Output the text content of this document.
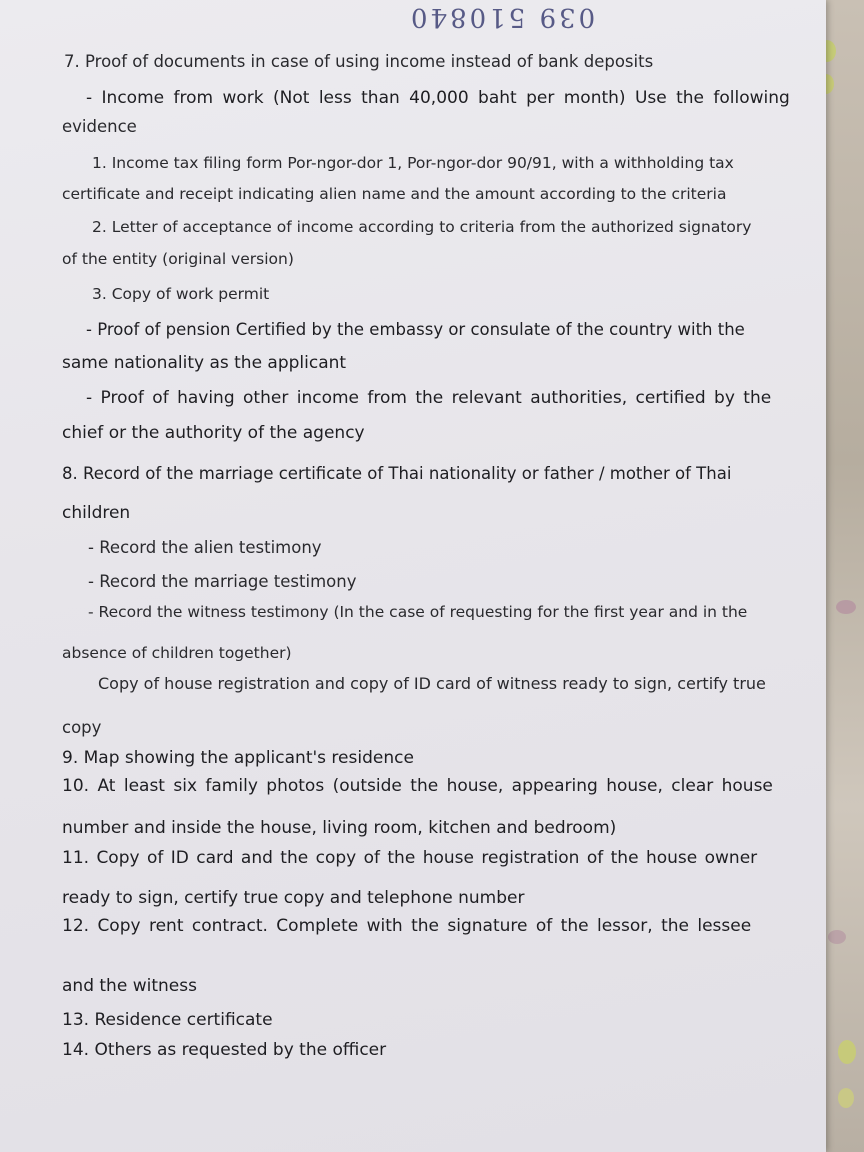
039 510840

7. Proof of documents in case of using income instead of bank deposits

- Income from work (Not less than 40,000 baht per month) Use the following

evidence

1. Income tax filing form Por-ngor-dor 1, Por-ngor-dor 90/91, with a withholding tax

certificate and receipt indicating alien name and the amount according to the criteria

2. Letter of acceptance of income according to criteria from the authorized signatory

of the entity (original version)

3. Copy of work permit

- Proof of pension Certified by the embassy or consulate of the country with the

same nationality as the applicant

- Proof of having other income from the relevant authorities, certified by the

chief or the authority of the agency

8. Record of the marriage certificate of Thai nationality or father / mother of Thai

children

- Record the alien testimony

- Record the marriage testimony

- Record the witness testimony (In the case of requesting for the first year and in the

absence of children together)

Copy of house registration and copy of ID card of witness ready to sign, certify true

copy

9. Map showing the applicant's residence

10. At least six family photos (outside the house, appearing house, clear house

number and inside the house, living room, kitchen and bedroom)

11. Copy of ID card and the copy of the house registration of the house owner

ready to sign, certify true copy and telephone number

12. Copy rent contract. Complete with the signature of the lessor, the lessee

and the witness

13. Residence certificate

14. Others as requested by the officer
